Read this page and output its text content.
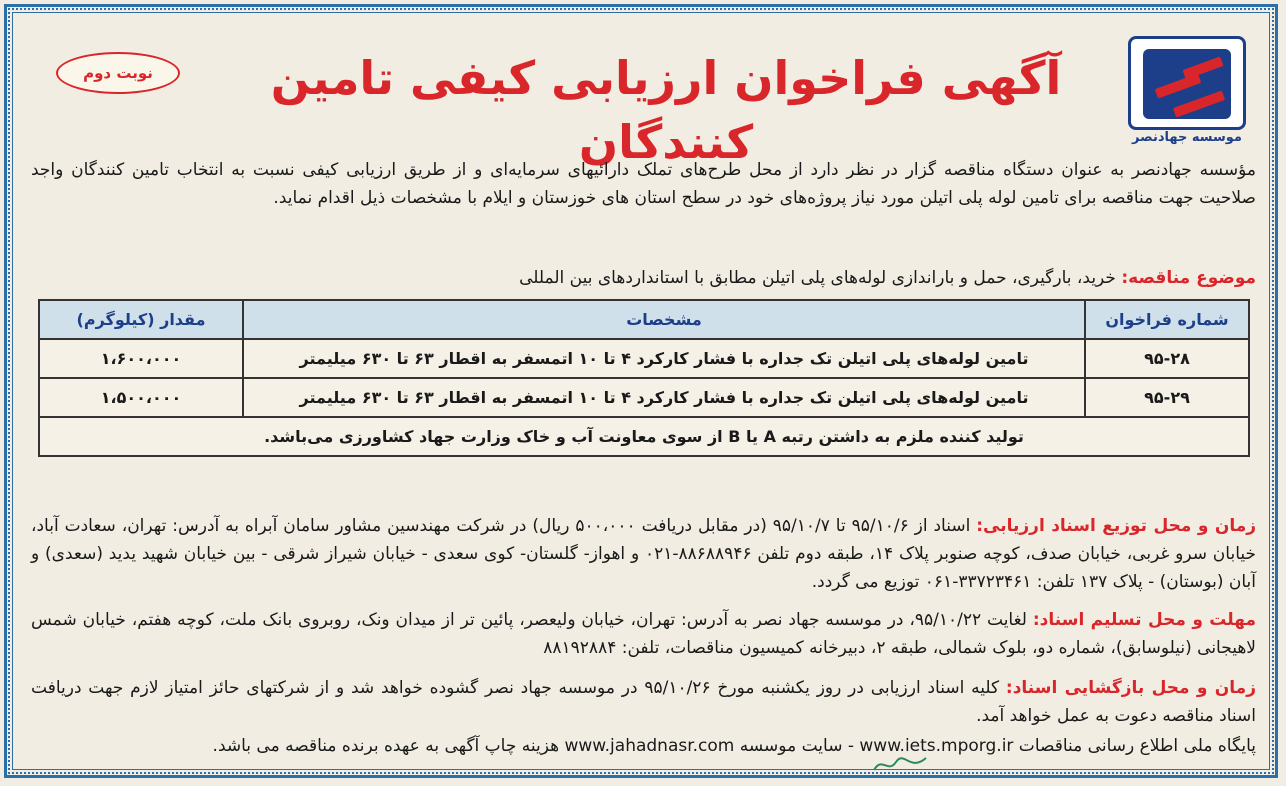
موسسه جهادنصر
آگهی فراخوان ارزیابی کیفی تامین کنندگان
نوبت دوم
مؤسسه جهادنصر به عنوان دستگاه مناقصه گزار در نظر دارد از محل طرح‌های تملک دارائیهای سرمایه‌ای و از طریق ارزیابی کیفی نسبت به انتخاب تامین کنندگان واجد صلاحیت جهت مناقصه برای تامین لوله پلی اتیلن مورد نیاز پروژه‌های خود در سطح استان های خوزستان و ایلام با مشخصات ذیل اقدام نماید.
موضوع مناقصه: خرید، بارگیری، حمل و باراندازی لوله‌های پلی اتیلن مطابق با استانداردهای بین المللی
شماره فراخوان	مشخصات	مقدار (کیلوگرم)
۹۵-۲۸	تامین لوله‌های پلی اتیلن تک جداره با فشار کارکرد ۴ تا ۱۰ اتمسفر به اقطار ۶۳ تا ۶۳۰ میلیمتر	۱،۶۰۰،۰۰۰
۹۵-۲۹	تامین لوله‌های پلی اتیلن تک جداره با فشار کارکرد ۴ تا ۱۰ اتمسفر به اقطار ۶۳ تا ۶۳۰ میلیمتر	۱،۵۰۰،۰۰۰
تولید کننده ملزم به داشتن رتبه A یا B از سوی معاونت آب و خاک وزارت جهاد کشاورزی می‌باشد.		
زمان و محل توزیع اسناد ارزیابی: اسناد از ۹۵/۱۰/۶ تا ۹۵/۱۰/۷ (در مقابل دریافت ۵۰۰،۰۰۰ ریال) در شرکت مهندسین مشاور سامان آبراه به آدرس: تهران، سعادت آباد، خیابان سرو غربی، خیابان صدف، کوچه صنوبر پلاک ۱۴، طبقه دوم تلفن ۸۸۶۸۸۹۴۶-۰۲۱ و اهواز- گلستان- کوی سعدی - خیابان شیراز شرقی - بین خیابان شهید یدید (سعدی) و آبان (بوستان) - پلاک ۱۳۷ تلفن: ۳۳۷۲۳۴۶۱-۰۶۱ توزیع می گردد.
مهلت و محل تسلیم اسناد: لغایت ۹۵/۱۰/۲۲، در موسسه جهاد نصر به آدرس: تهران، خیابان ولیعصر، پائین تر از میدان ونک، روبروی بانک ملت، کوچه هفتم، خیابان شمس لاهیجانی (نیلوسابق)، شماره دو، بلوک شمالی، طبقه ۲، دبیرخانه کمیسیون مناقصات، تلفن: ۸۸۱۹۲۸۸۴
زمان و محل بازگشایی اسناد: کلیه اسناد ارزیابی در روز یکشنبه مورخ ۹۵/۱۰/۲۶ در موسسه جهاد نصر گشوده خواهد شد و از شرکتهای حائز امتیاز لازم جهت دریافت اسناد مناقصه دعوت به عمل خواهد آمد.
پایگاه ملی اطلاع رسانی مناقصات www.iets.mporg.ir - سایت موسسه www.jahadnasr.com هزینه چاپ آگهی به عهده برنده مناقصه می باشد.
